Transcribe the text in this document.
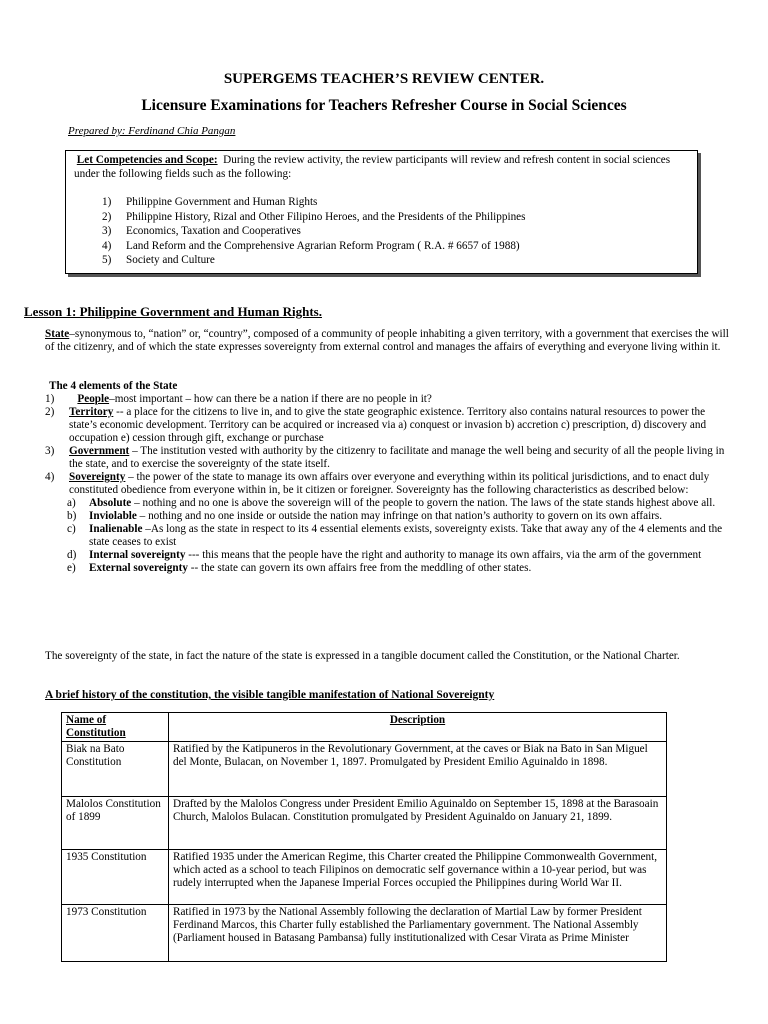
SUPERGEMS TEACHER’S REVIEW CENTER.
Licensure Examinations for Teachers Refresher Course in Social Sciences
Prepared by: Ferdinand Chia Pangan

Let Competencies and Scope: During the review activity, the review participants will review and refresh content in social sciences under the following fields such as the following:

1) Philippine Government and Human Rights
2) Philippine History, Rizal and Other Filipino Heroes, and the Presidents of the Philippines
3) Economics, Taxation and Cooperatives
4) Land Reform and the Comprehensive Agrarian Reform Program ( R.A. # 6657 of 1988)
5) Society and Culture
Lesson 1: Philippine Government and Human Rights.

State–synonymous to, “nation” or, “country”, composed of a community of people inhabiting a given territory, with a government that exercises the will of the citizenry, and of which the state expresses sovereignty from external control and manages the affairs of everything and everyone living within it.

The 4 elements of the State

1) People–most important – how can there be a nation if there are no people in it?
2) Territory -- a place for the citizens to live in, and to give the state geographic existence. Territory also contains natural resources to power the state’s economic development. Territory can be acquired or increased via a) conquest or invasion b) accretion c) prescription, d) discovery and occupation e) cession through gift, exchange or purchase
3) Government – The institution vested with authority by the citizenry to facilitate and manage the well being and security of all the people living in the state, and to exercise the sovereignty of the state itself.
4) Sovereignty – the power of the state to manage its own affairs over everyone and everything within its political jurisdictions, and to enact duly constituted obedience from everyone within in, be it citizen or foreigner. Sovereignty has the following characteristics as described below:
a) Absolute – nothing and no one is above the sovereign will of the people to govern the nation. The laws of the state stands highest above all.
b) Inviolable – nothing and no one inside or outside the nation may infringe on that nation’s authority to govern on its own affairs.
c) Inalienable –As long as the state in respect to its 4 essential elements exists, sovereignty exists. Take that away any of the 4 elements and the state ceases to exist
d) Internal sovereignty --- this means that the people have the right and authority to manage its own affairs, via the arm of the government
e) External sovereignty -- the state can govern its own affairs free from the meddling of other states.

The sovereignty of the state, in fact the nature of the state is expressed in a tangible document called the Constitution, or the National Charter.

A brief history of the constitution, the visible tangible manifestation of National Sovereignty
Name of Constitution	Description
Biak na Bato Constitution	Ratified by the Katipuneros in the Revolutionary Government, at the caves or Biak na Bato in San Miguel del Monte, Bulacan, on November 1, 1897. Promulgated by President Emilio Aguinaldo in 1898.
Malolos Constitution of 1899	Drafted by the Malolos Congress under President Emilio Aguinaldo on September 15, 1898 at the Barasoain Church, Malolos Bulacan. Constitution promulgated by President Aguinaldo on January 21, 1899.
1935 Constitution	Ratified 1935 under the American Regime, this Charter created the Philippine Commonwealth Government, which acted as a school to teach Filipinos on democratic self governance within a 10-year period, but was rudely interrupted when the Japanese Imperial Forces occupied the Philippines during World War II.
1973 Constitution	Ratified in 1973 by the National Assembly following the declaration of Martial Law by former President Ferdinand Marcos, this Charter fully established the Parliamentary government. The National Assembly (Parliament housed in Batasang Pambansa) fully institutionalized with Cesar Virata as Prime Minister
